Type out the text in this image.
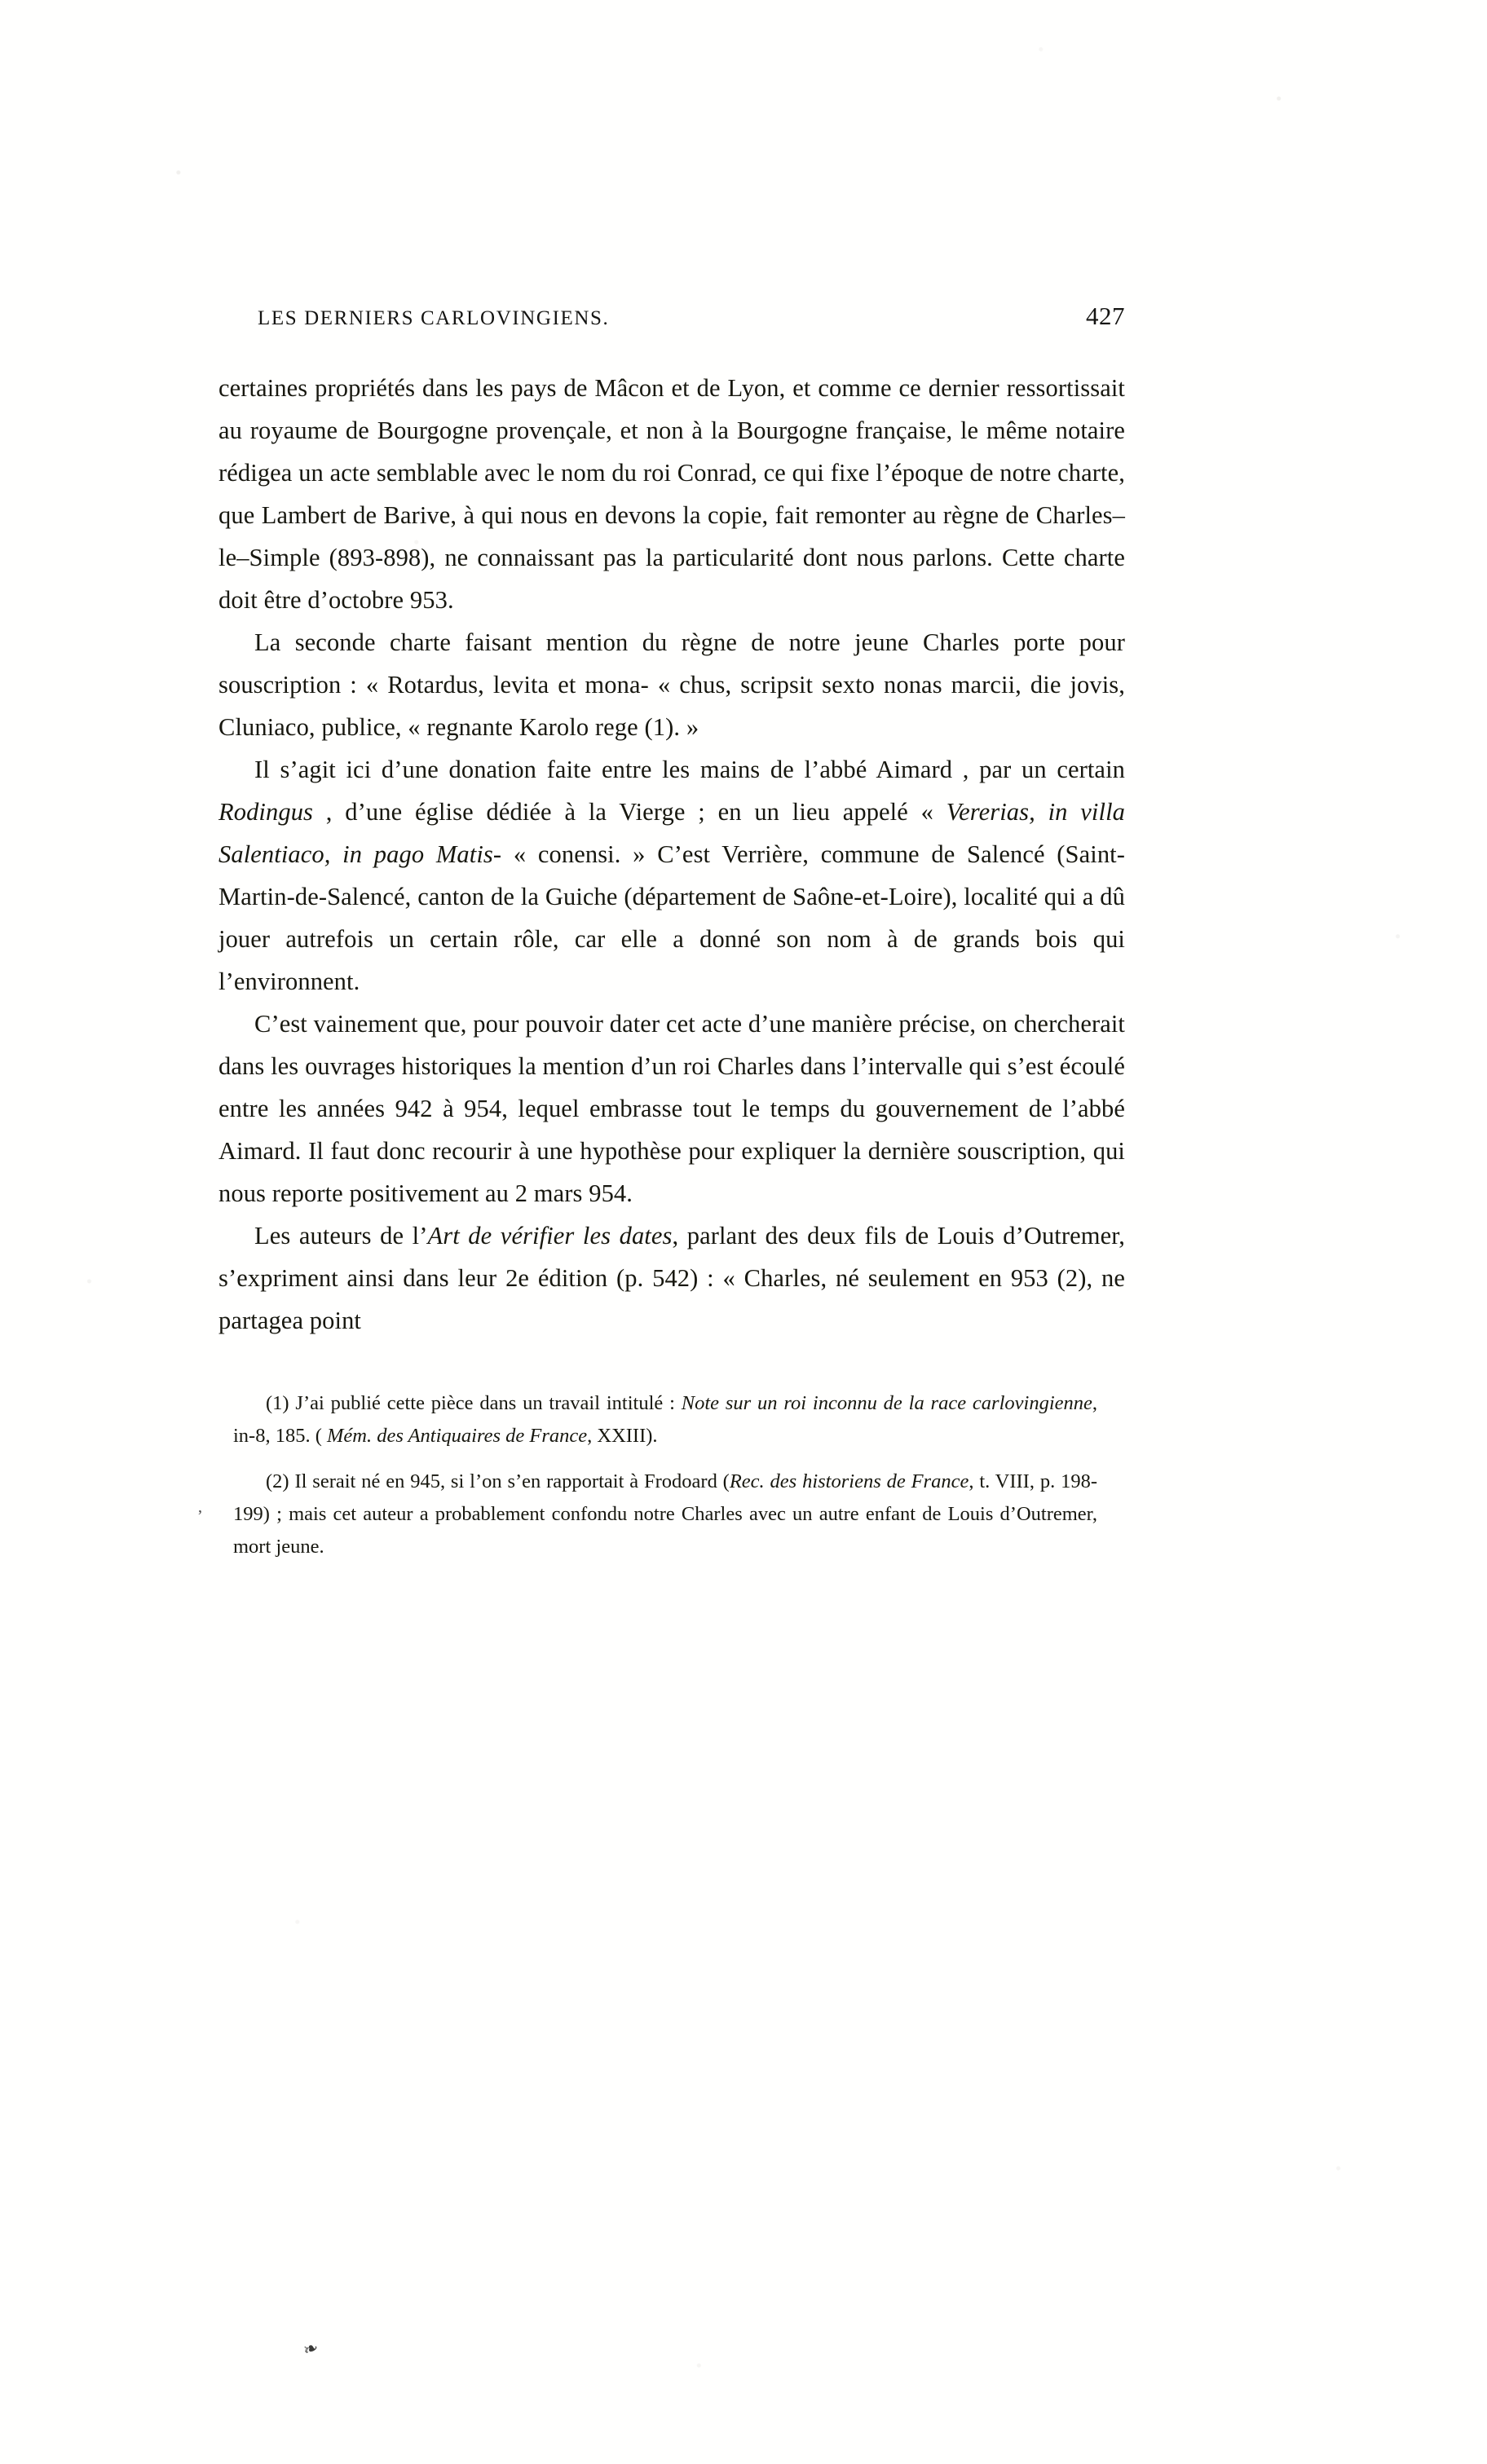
LES DERNIERS CARLOVINGIENS.	427

certaines propriétés dans les pays de Mâcon et de Lyon, et comme ce dernier ressortissait au royaume de Bourgogne provençale, et non à la Bourgogne française, le même notaire rédigea un acte semblable avec le nom du roi Conrad, ce qui fixe l’époque de notre charte, que Lambert de Barive, à qui nous en devons la copie, fait remonter au règne de Charles–le–Simple (893-898), ne connaissant pas la particularité dont nous parlons. Cette charte doit être d’octobre 953.

La seconde charte faisant mention du règne de notre jeune Charles porte pour souscription : « Rotardus, levita et mona- « chus, scripsit sexto nonas marcii, die jovis, Cluniaco, publice, « regnante Karolo rege (1). »

Il s’agit ici d’une donation faite entre les mains de l’abbé Aimard , par un certain Rodingus , d’une église dédiée à la Vierge ; en un lieu appelé « Vererias, in villa Salentiaco, in pago Matis- « conensi. » C’est Verrière, commune de Salencé (Saint-Martin-de-Salencé, canton de la Guiche (département de Saône-et-Loire), localité qui a dû jouer autrefois un certain rôle, car elle a donné son nom à de grands bois qui l’environnent.

C’est vainement que, pour pouvoir dater cet acte d’une manière précise, on chercherait dans les ouvrages historiques la mention d’un roi Charles dans l’intervalle qui s’est écoulé entre les années 942 à 954, lequel embrasse tout le temps du gouvernement de l’abbé Aimard. Il faut donc recourir à une hypothèse pour expliquer la dernière souscription, qui nous reporte positivement au 2 mars 954.

Les auteurs de l’Art de vérifier les dates, parlant des deux fils de Louis d’Outremer, s’expriment ainsi dans leur 2e édition (p. 542) : « Charles, né seulement en 953 (2), ne partagea point

(1) J’ai publié cette pièce dans un travail intitulé : Note sur un roi inconnu de la race carlovingienne, in-8, 185. ( Mém. des Antiquaires de France, XXIII).

(2) Il serait né en 945, si l’on s’en rapportait à Frodoard (Rec. des historiens de France, t. VIII, p. 198-199) ; mais cet auteur a probablement confondu notre Charles avec un autre enfant de Louis d’Outremer, mort jeune.

’
❧
